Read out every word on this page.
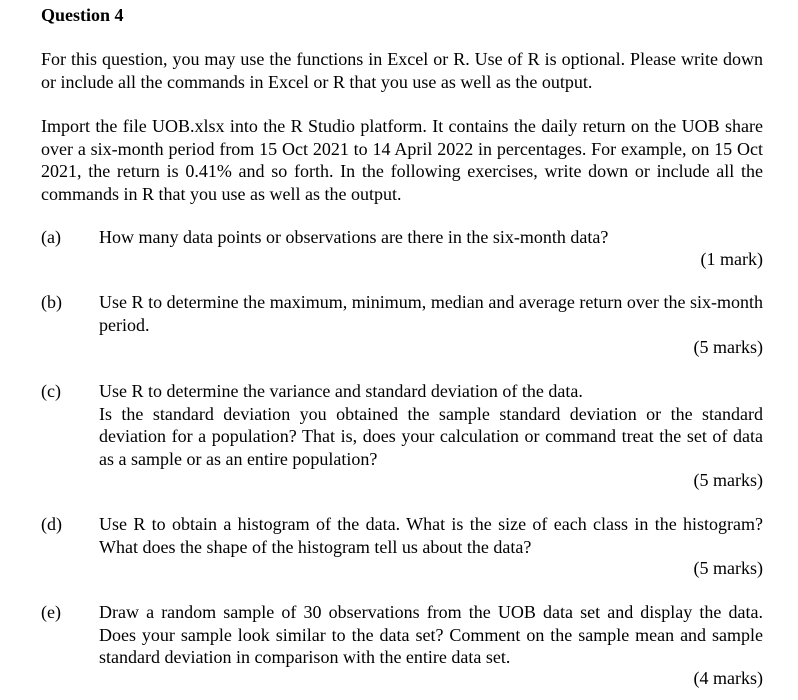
Question 4

For this question, you may use the functions in Excel or R. Use of R is optional. Please write down or include all the commands in Excel or R that you use as well as the output.

Import the file UOB.xlsx into the R Studio platform. It contains the daily return on the UOB share over a six-month period from 15 Oct 2021 to 14 April 2022 in percentages. For example, on 15 Oct 2021, the return is 0.41% and so forth. In the following exercises, write down or include all the commands in R that you use as well as the output.

(a) How many data points or observations are there in the six-month data?

(1 mark)
(b) Use R to determine the maximum, minimum, median and average return over the six-month period.

(5 marks)
(c) Use R to determine the variance and standard deviation of the data.
Is the standard deviation you obtained the sample standard deviation or the standard deviation for a population? That is, does your calculation or command treat the set of data as a sample or as an entire population?
(5 marks)
(d) Use R to obtain a histogram of the data. What is the size of each class in the histogram? What does the shape of the histogram tell us about the data?

(5 marks)
(e) Draw a random sample of 30 observations from the UOB data set and display the data. Does your sample look similar to the data set? Comment on the sample mean and sample standard deviation in comparison with the entire data set.

(4 marks)
